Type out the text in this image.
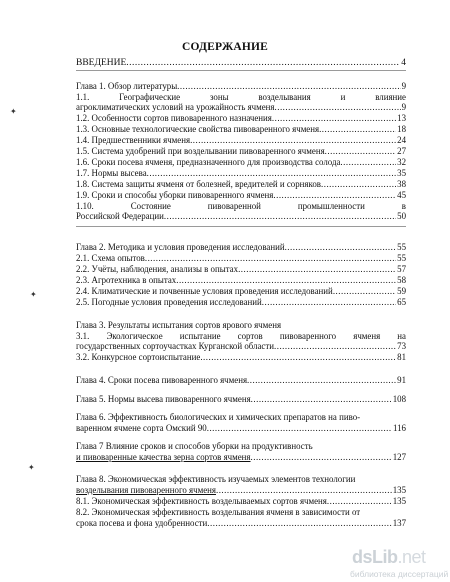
СОДЕРЖАНИЕ
ВВЕДЕНИЕ .....	4
Глава 1. Обзор литературы .....	9
1.1. Географические зоны возделывания и влияние
агроклиматических условий на урожайность ячменя .....	9
1.2. Особенности сортов пивоваренного назначения .....	13
1.3. Основные технологические свойства пивоваренного ячменя .....	18
1.4. Предшественники ячменя .....	24
1.5. Система удобрений при возделывании пивоваренного ячменя .....	27
1.6. Сроки посева ячменя, предназначенного для производства солода .....	32
1.7. Нормы высева .....	35
1.8. Система защиты ячменя от болезней, вредителей и сорняков .....	38
1.9. Сроки и способы уборки пивоваренного ячменя .....	45
1.10. Состояние пивоваренной промышленности в
Российской Федерации .....	50
Глава 2. Методика и условия проведения исследований .....	55
2.1. Схема опытов .....	55
2.2. Учёты, наблюдения, анализы в опытах .....	57
2.3. Агротехника в опытах .....	58
2.4. Климатические и почвенные условия проведения исследований .....	59
2.5. Погодные условия проведения исследований .....	65
Глава 3. Результаты испытания сортов ярового ячменя
3.1. Экологическое испытание сортов пивоваренного ячменя на
государственных сортоучастках Курганской области .....	73
3.2. Конкурсное сортоиспытание .....	81
Глава 4. Сроки посева пивоваренного ячменя .....	91
Глава 5. Нормы высева пивоваренного ячменя .....	108
Глава 6. Эффективность биологических и химических препаратов на пиво-
варенном ячмене сорта Омский 90 .....	116
Глава 7 Влияние сроков и способов уборки на продуктивность
и пивоваренные качества зерна сортов ячменя .....	127
Глава 8. Экономическая эффективность изучаемых элементов технологии
возделывания пивоваренного ячменя .....	135
8.1. Экономическая эффективность возделываемых сортов ячменя .....	135
8.2. Экономическая эффективность возделывания ячменя в зависимости от
срока посева и фона удобренности .....	137
✦
✦
✦
dsLib.net
библиотека диссертаций
